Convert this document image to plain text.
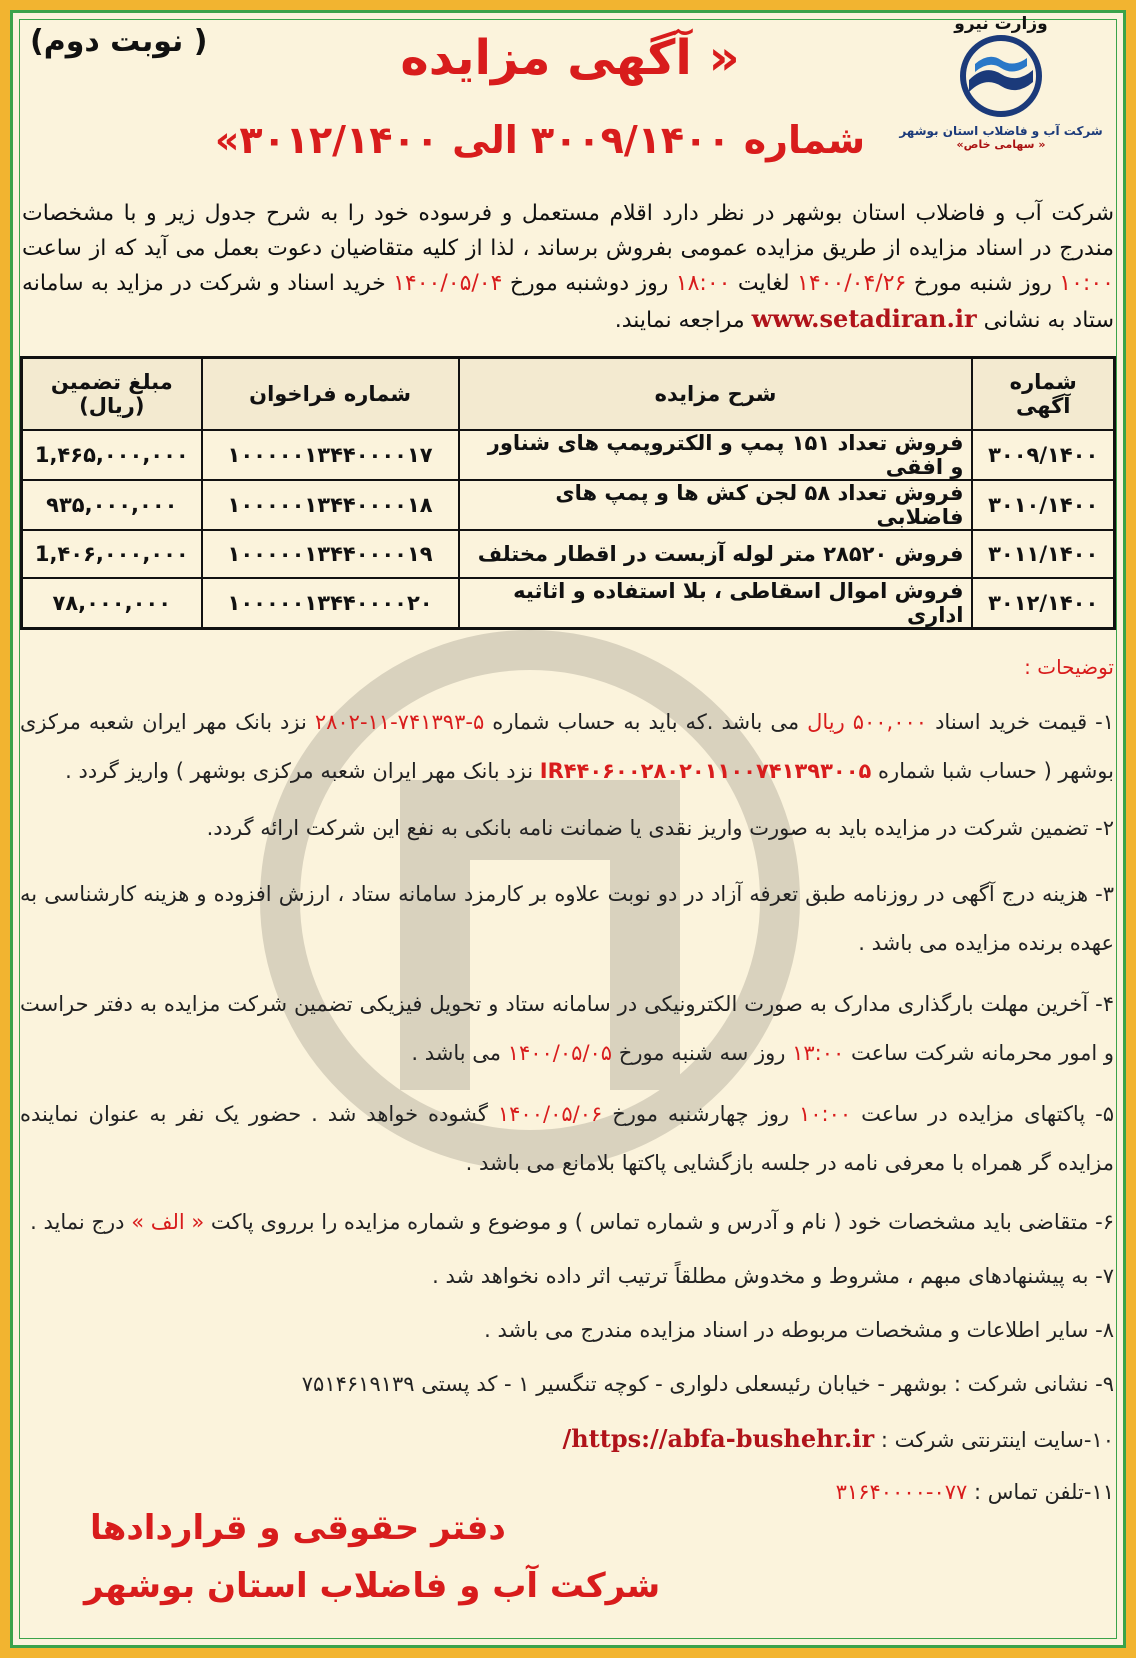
وزارت نیرو
شرکت آب و فاضلاب استان بوشهر
« سهامی خاص»
( نوبت دوم)	« آگهی مزایده
شماره ۳۰۰۹/۱۴۰۰ الی ۳۰۱۲/۱۴۰۰»
شرکت آب و فاضلاب استان بوشهر در نظر دارد اقلام مستعمل و فرسوده خود را به شرح جدول زیر و با مشخصات مندرج در اسناد مزایده از طریق مزایده عمومی بفروش برساند ، لذا از کلیه متقاضیان دعوت بعمل می آید که از ساعت ۱۰:۰۰ روز شنبه مورخ ۱۴۰۰/۰۴/۲۶ لغایت ۱۸:۰۰ روز دوشنبه مورخ ۱۴۰۰/۰۵/۰۴ خرید اسناد و شرکت در مزاید به سامانه ستاد به نشانی www.setadiran.ir مراجعه نمایند.
شماره آگهی	شرح مزایده	شماره فراخوان	مبلغ تضمین (ریال)
۳۰۰۹/۱۴۰۰	فروش تعداد ۱۵۱ پمپ و الکتروپمپ های شناور و افقی	۱۰۰۰۰۰۱۳۴۴۰۰۰۰۱۷	1,۴۶۵,۰۰۰,۰۰۰
۳۰۱۰/۱۴۰۰	فروش تعداد ۵۸ لجن کش ها و پمپ های فاضلابی	۱۰۰۰۰۰۱۳۴۴۰۰۰۰۱۸	۹۳۵,۰۰۰,۰۰۰
۳۰۱۱/۱۴۰۰	فروش ۲۸۵۲۰ متر لوله آزبست در اقطار مختلف	۱۰۰۰۰۰۱۳۴۴۰۰۰۰۱۹	1,۴۰۶,۰۰۰,۰۰۰
۳۰۱۲/۱۴۰۰	فروش اموال اسقاطی ، بلا استفاده و اثاثیه اداری	۱۰۰۰۰۰۱۳۴۴۰۰۰۰۲۰	۷۸,۰۰۰,۰۰۰
توضیحات :
۱- قیمت خرید اسناد ۵۰۰,۰۰۰ ریال می باشد .که باید به حساب شماره ۵-۷۴۱۳۹۳-۱۱-۲۸۰۲ نزد بانک مهر ایران شعبه مرکزی بوشهر ( حساب شبا شماره IR۴۴۰۶۰۰۲۸۰۲۰۱۱۰۰۷۴۱۳۹۳۰۰۵ نزد بانک مهر ایران شعبه مرکزی بوشهر ) واریز گردد .
۲- تضمین شرکت در مزایده باید به صورت واریز نقدی یا ضمانت نامه بانکی به نفع این شرکت ارائه گردد.
۳- هزینه درج آگهی در روزنامه طبق تعرفه آزاد در دو نوبت علاوه بر کارمزد سامانه ستاد ، ارزش افزوده و هزینه کارشناسی به عهده برنده مزایده می باشد .
۴- آخرین مهلت بارگذاری مدارک به صورت الکترونیکی در سامانه ستاد و تحویل فیزیکی تضمین شرکت مزایده به دفتر حراست و امور محرمانه شرکت ساعت ۱۳:۰۰ روز سه شنبه مورخ ۱۴۰۰/۰۵/۰۵ می باشد .
۵- پاکتهای مزایده در ساعت ۱۰:۰۰ روز چهارشنبه مورخ ۱۴۰۰/۰۵/۰۶ گشوده خواهد شد . حضور یک نفر به عنوان نماینده مزایده گر همراه با معرفی نامه در جلسه بازگشایی پاکتها بلامانع می باشد .
۶- متقاضی باید مشخصات خود ( نام و آدرس و شماره تماس ) و موضوع و شماره مزایده را برروی پاکت « الف » درج نماید .
۷- به پیشنهادهای مبهم ، مشروط و مخدوش مطلقاً ترتیب اثر داده نخواهد شد .
۸- سایر اطلاعات و مشخصات مربوطه در اسناد مزایده مندرج می باشد .
۹- نشانی شرکت : بوشهر - خیابان رئیسعلی دلواری - کوچه تنگسیر ۱ - کد پستی ۷۵۱۴۶۱۹۱۳۹
۱۰-سایت اینترنتی شرکت : https://abfa-bushehr.ir/
۱۱-تلفن تماس : ۰۷۷-۳۱۶۴۰۰۰۰
دفتر حقوقی و قراردادها
شرکت آب و فاضلاب استان بوشهر
